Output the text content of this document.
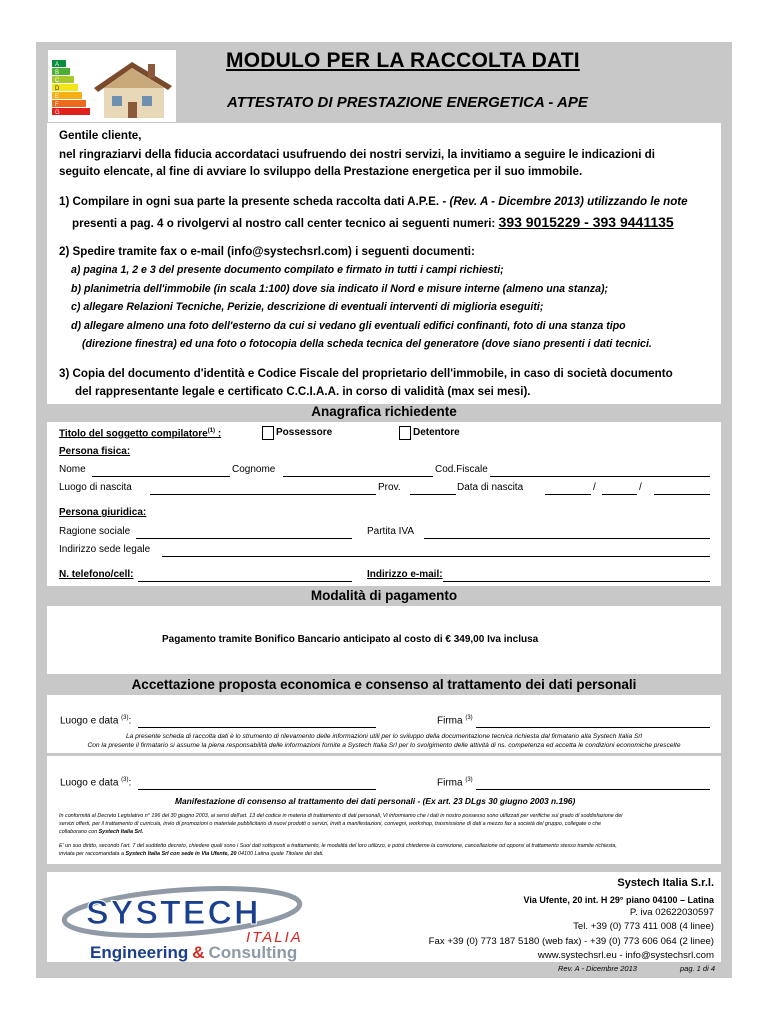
A
B
C
D
E
F
G
MODULO PER LA RACCOLTA DATI
ATTESTATO DI PRESTAZIONE ENERGETICA - APE
Gentile cliente,
nel ringraziarvi della fiducia accordataci usufruendo dei nostri servizi, la invitiamo a seguire le indicazioni di
seguito elencate, al fine di avviare lo sviluppo della Prestazione energetica per il suo immobile.
1) Compilare in ogni sua parte la presente scheda raccolta dati A.P.E. - (Rev. A - Dicembre 2013) utilizzando le note
presenti a pag. 4 o rivolgervi al nostro call center tecnico ai seguenti numeri: 393 9015229 - 393 9441135
2) Spedire tramite fax o e-mail (info@systechsrl.com) i seguenti documenti:
a) pagina 1, 2 e 3 del presente documento compilato e firmato in tutti i campi richiesti;
b) planimetria dell'immobile (in scala 1:100) dove sia indicato il Nord e misure interne (almeno una stanza);
c) allegare Relazioni Tecniche, Perizie, descrizione di eventuali interventi di miglioria eseguiti;
d) allegare almeno una foto dell'esterno da cui si vedano gli eventuali edifici confinanti, foto di una stanza tipo
(direzione finestra) ed una foto o fotocopia della scheda tecnica del generatore (dove siano presenti i dati tecnici.
3) Copia del documento d'identità e Codice Fiscale del proprietario dell'immobile, in caso di società documento
del rappresentante legale e certificato C.C.I.A.A. in corso di validità (max sei mesi).
Anagrafica richiedente
Titolo del soggetto compilatore$^{(1)}$ :	Possessore	Detentore
Persona fisica:
Nome	Cognome	Cod.Fiscale
Luogo di nascita	Prov.	Data di nascita	/	/
Persona giuridica:
Ragione sociale	Partita IVA
Indirizzo sede legale
N. telefono/cell:	Indirizzo e-mail:
Modalità di pagamento
Pagamento tramite Bonifico Bancario anticipato al costo di € 349,00 Iva inclusa
Accettazione proposta economica e consenso al trattamento dei dati personali
Luogo e data $^{(3)}$:	Firma $^{(3)}$
La presente scheda di raccolta dati è lo strumento di rilevamento delle informazioni utili per lo sviluppo della documentazione tecnica richiesta dal firmatario alla Systech Italia Srl
Con la presente il firmatario si assume la piena responsabilità delle informazioni fornite a Systech Italia Srl per lo svolgimento delle attività di ns. competenza ed accetta le condizioni economiche prescelte
Luogo e data $^{(3)}$:	Firma $^{(3)}$
Manifestazione di consenso al trattamento dei dati personali - (Ex art. 23 DLgs 30 giugno 2003 n.196)
In conformità al Decreto Legislativo n° 196 del 30 giugno 2003, ai sensi dell'art. 13 del codice in materia di trattamento di dati personali, Vi informiamo che i dati in nostro possesso sono utilizzati per verifiche sul grado di soddisfazione dei
servizi offerti, per il trattamento di curricula, invio di promozioni o materiale pubblicitario di nuovi prodotti o servizi, inviti a manifestazioni, convegni, workshop, trasmissione di dati a mezzo fax a società del gruppo, collegate o che
collaborano con Systech Italia Srl.
E' un suo diritto, secondo l'art. 7 del suddetto decreto, chiedere quali sono i Suoi dati sottoposti a trattamento, le modalità del loro utilizzo, e potrà chiederne la correzione, cancellazione od opporsi al trattamento stesso tramite richiesta,
inviata per raccomandata a Systech Italia Srl con sede in Via Ufente, 20 04100 Latina quale Titolare dei dati.
SYSTECH
ITALIA
Engineering & Consulting
Systech Italia S.r.l.
Via Ufente, 20 int. H 29° piano 04100 – Latina
P. iva 02622030597
Tel. +39 (0) 773 411 008 (4 linee)
Fax +39 (0) 773 187 5180 (web fax) - +39 (0) 773 606 064 (2 linee)
www.systechsrl.eu - info@systechsrl.com
Rev. A - Dicembre 2013	pag. 1 di 4
